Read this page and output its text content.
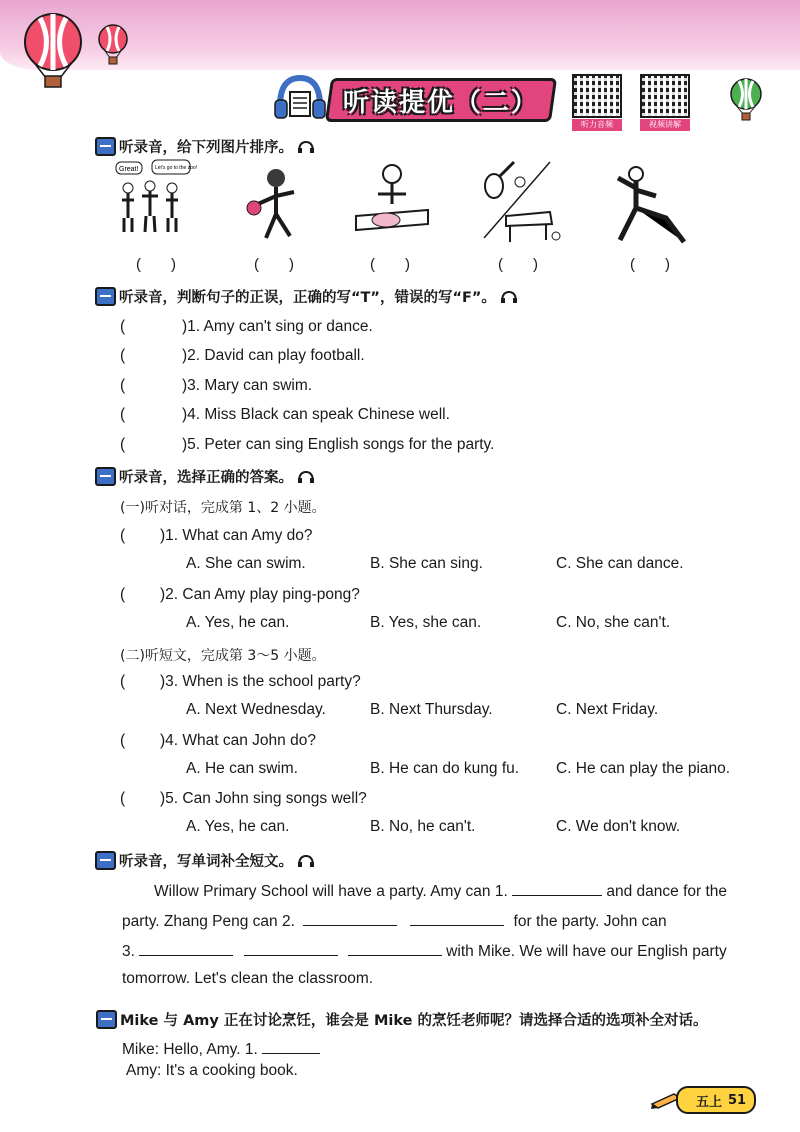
听读提优（二）
听力音频	视频讲解
听录音，给下列图片排序。
Great!	Let's go to the zoo!
(　　)	(　　)	(　　)	(　　)	(　　)
听录音，判断句子的正误，正确的写“T”，错误的写“F”。
(	)1. Amy can't sing or dance.
(	)2. David can play football.
(	)3. Mary can swim.
(	)4. Miss Black can speak Chinese well.
(	)5. Peter can sing English songs for the party.
听录音，选择正确的答案。
(一)听对话，完成第 1、2 小题。
( )1. What can Amy do?
A. She can swim.	B. She can sing.	C. She can dance.
( )2. Can Amy play ping-pong?
A. Yes, he can.	B. Yes, she can.	C. No, she can't.
(二)听短文，完成第 3～5 小题。
( )3. When is the school party?
A. Next Wednesday.	B. Next Thursday.	C. Next Friday.
( )4. What can John do?
A. He can swim.	B. He can do kung fu. C. He can play the piano.
( )5. Can John sing songs well?
A. Yes, he can.	B. No, he can't.	C. We don't know.
听录音，写单词补全短文。
Willow Primary School will have a party. Amy can 1.	and dance for the
party. Zhang Peng can 2.	for the party. John can
3.	with Mike. We will have our English party
tomorrow. Let's clean the classroom.
Mike 与 Amy 正在讨论烹饪，谁会是 Mike 的烹饪老师呢？请选择合适的选项补全对话。
Mike: Hello, Amy. 1.
Amy: It's a cooking book.
五上 51
